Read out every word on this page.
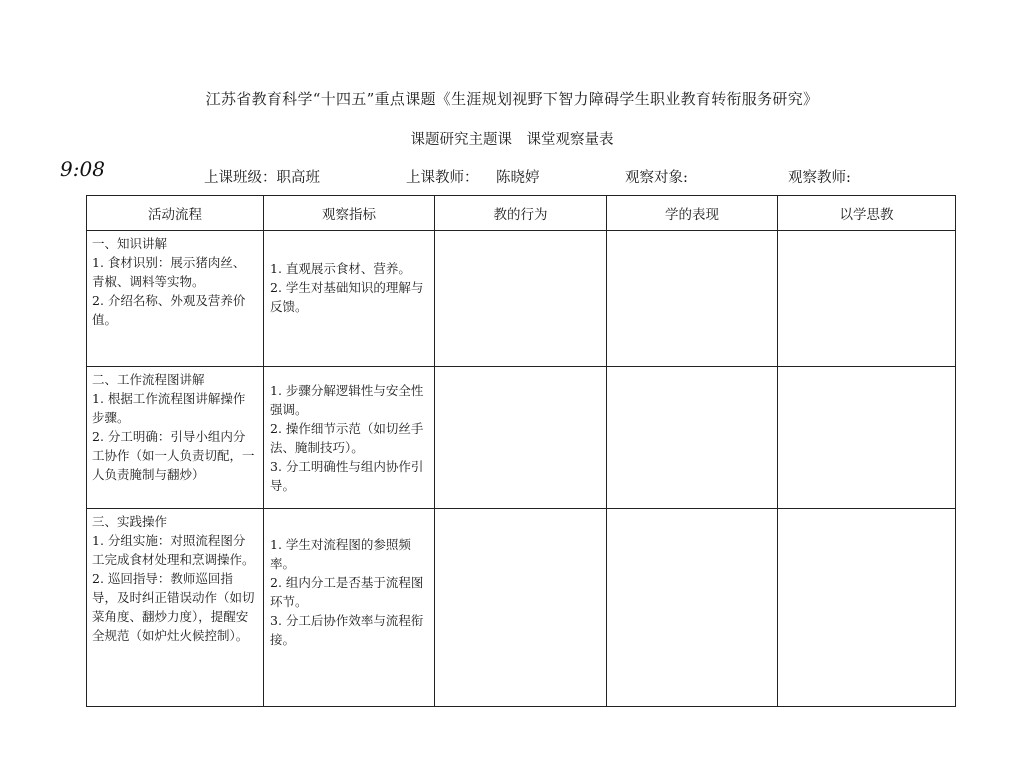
江苏省教育科学“十四五”重点课题《生涯规划视野下智力障碍学生职业教育转衔服务研究》
课题研究主题课　课堂观察量表
9:08	上课班级：职高班	上课教师： 陈晓婷	观察对象:	观察教师:
活动流程	观察指标	教的行为	学的表现	以学思教

一、知识讲解
1. 食材识别：展示猪肉丝、青椒、调料等实物。
2. 介绍名称、外观及营养价值。	1. 直观展示食材、营养。
2. 学生对基础知识的理解与反馈。			

二、工作流程图讲解
1. 根据工作流程图讲解操作步骤。
2. 分工明确：引导小组内分工协作（如一人负责切配，一人负责腌制与翻炒）	1. 步骤分解逻辑性与安全性强调。
2. 操作细节示范（如切丝手法、腌制技巧）。
3. 分工明确性与组内协作引导。			

三、实践操作
1. 分组实施：对照流程图分工完成食材处理和烹调操作。
2. 巡回指导：教师巡回指导，及时纠正错误动作（如切菜角度、翻炒力度），提醒安全规范（如炉灶火候控制）。	1. 学生对流程图的参照频率。
2. 组内分工是否基于流程图环节。
3. 分工后协作效率与流程衔接。			
